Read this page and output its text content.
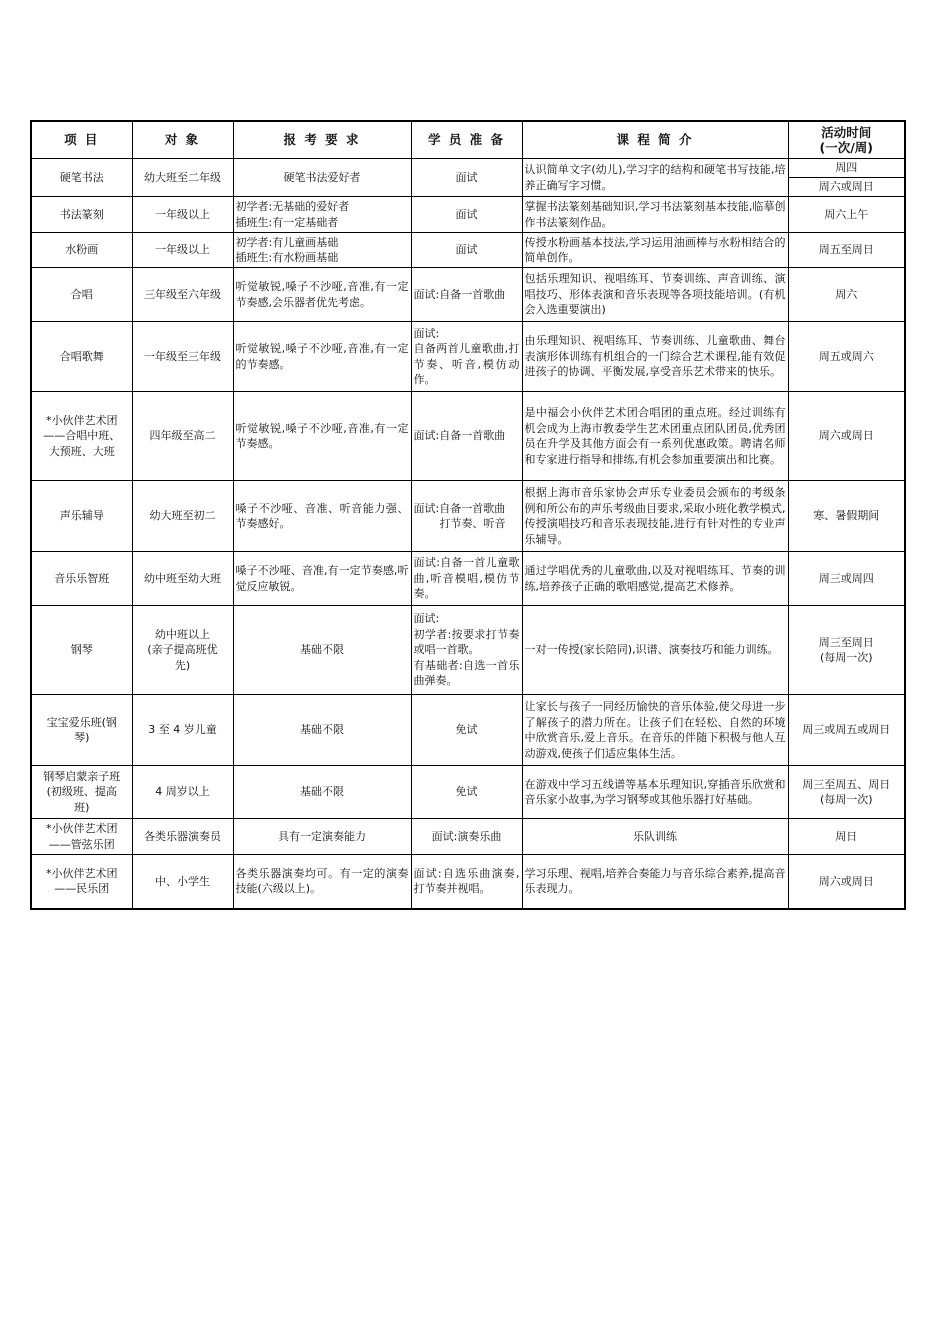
项 目	对 象	报 考 要 求	学 员 准 备	课 程 简 介	活动时间
(一次/周)

硬笔书法	幼大班至二年级	硬笔书法爱好者	面试	认识简单文字(幼儿),学习字的结构和硬笔书写技能,培养正确写字习惯。	周四
周六或周日

书法篆刻	一年级以上	初学者:无基础的爱好者
插班生:有一定基础者	面试	掌握书法篆刻基础知识,学习书法篆刻基本技能,临摹创作书法篆刻作品。	周六上午

水粉画	一年级以上	初学者:有儿童画基础
插班生:有水粉画基础	面试	传授水粉画基本技法,学习运用油画棒与水粉相结合的简单创作。	周五至周日

合唱	三年级至六年级	听觉敏锐,嗓子不沙哑,音准,有一定节奏感,会乐器者优先考虑。	面试:自备一首歌曲	包括乐理知识、视唱练耳、节奏训练、声音训练、演唱技巧、形体表演和音乐表现等各项技能培训。(有机会入选重要演出)	周六

合唱歌舞	一年级至三年级	听觉敏锐,嗓子不沙哑,音准,有一定的节奏感。	面试:
自备两首儿童歌曲,打节奏、听音,模仿动作。	由乐理知识、视唱练耳、节奏训练、儿童歌曲、舞台表演形体训练有机组合的一门综合艺术课程,能有效促进孩子的协调、平衡发展,享受音乐艺术带来的快乐。	周五或周六

*小伙伴艺术团
——合唱中班、
大预班、大班	四年级至高二	听觉敏锐,嗓子不沙哑,音准,有一定节奏感。	面试:自备一首歌曲	是中福会小伙伴艺术团合唱团的重点班。经过训练有机会成为上海市教委学生艺术团重点团队团员,优秀团员在升学及其他方面会有一系列优惠政策。聘请名师和专家进行指导和排练,有机会参加重要演出和比赛。	周六或周日

声乐辅导	幼大班至初二	嗓子不沙哑、音准、听音能力强、节奏感好。	面试:自备一首歌曲
打节奏、听音	根据上海市音乐家协会声乐专业委员会颁布的考级条例和所公布的声乐考级曲目要求,采取小班化教学模式,传授演唱技巧和音乐表现技能,进行有针对性的专业声乐辅导。	寒、暑假期间

音乐乐智班	幼中班至幼大班	嗓子不沙哑、音准,有一定节奏感,听觉反应敏锐。	面试:自备一首儿童歌曲,听音模唱,模仿节奏。	通过学唱优秀的儿童歌曲,以及对视唱练耳、节奏的训练,培养孩子正确的歌唱感觉,提高艺术修养。	周三或周四

钢琴	幼中班以上
(亲子提高班优
先)	基础不限	面试:
初学者:按要求打节奏或唱一首歌。
有基础者:自选一首乐曲弹奏。	一对一传授(家长陪同),识谱、演奏技巧和能力训练。	周三至周日
(每周一次)

宝宝爱乐班(钢
琴)	3 至 4 岁儿童	基础不限	免试	让家长与孩子一同经历愉快的音乐体验,使父母进一步了解孩子的潜力所在。让孩子们在轻松、自然的环境中欣赏音乐,爱上音乐。在音乐的伴随下积极与他人互动游戏,使孩子们适应集体生活。	周三或周五或周日

钢琴启蒙亲子班
(初级班、提高
班)	4 周岁以上	基础不限	免试	在游戏中学习五线谱等基本乐理知识,穿插音乐欣赏和音乐家小故事,为学习钢琴或其他乐器打好基础。	周三至周五、周日
(每周一次)

*小伙伴艺术团
——管弦乐团	各类乐器演奏员	具有一定演奏能力	面试:演奏乐曲	乐队训练	周日

*小伙伴艺术团
——民乐团	中、小学生	各类乐器演奏均可。有一定的演奏技能(六级以上)。	面试:自选乐曲演奏,打节奏并视唱。	学习乐理、视唱,培养合奏能力与音乐综合素养,提高音乐表现力。	周六或周日
